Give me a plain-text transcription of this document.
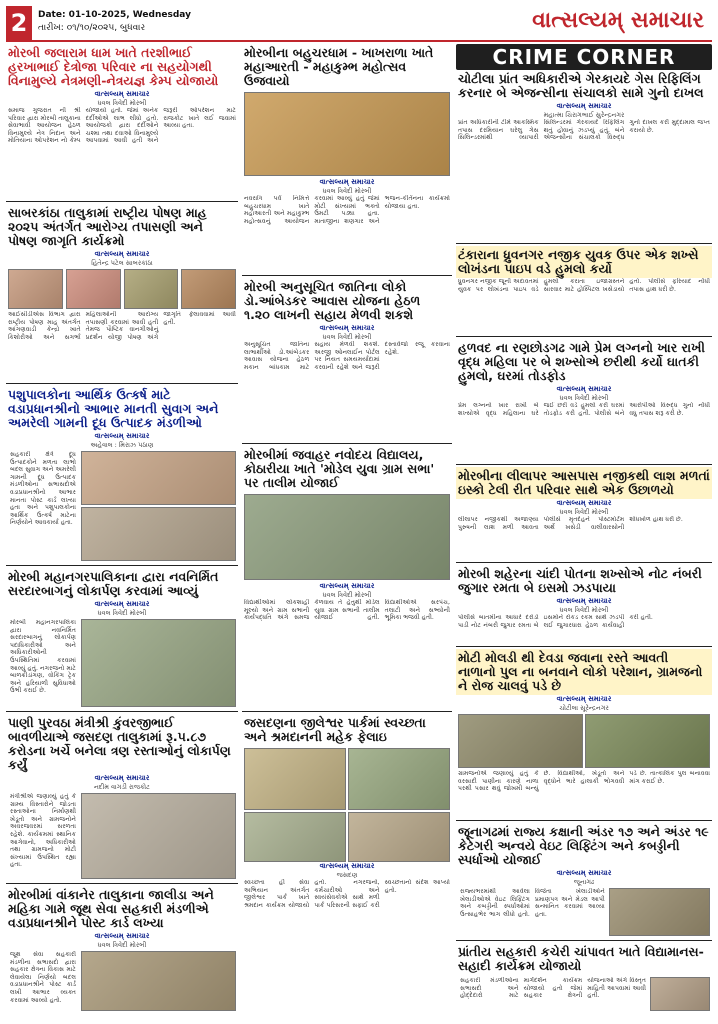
2	Date: 01-10-2025, Wednesday
તારીખ: ૦૧/૧૦/૨૦૨૫, બુધવાર	વાત્સલ્યમ્ સમાચાર
મોરબી જલારામ ધામ ખાતે તરશીભાઈ હરખાભાઈ દેત્રોજા પરિવાર ના સહયોગથી વિનામુલ્યે નેત્રમણી-નેત્રયજ્ઞ કેમ્પ યોજાયો
વાત્સલ્યમ્ સમાચાર
ધવલ ત્રિવેદી મોરબી
સમાજ ગુજરાત ની શ્રી પરિવાર દ્વારા મોરબી તાલુકાના સેવાભાવી આયોજન હેઠળ વિનામુલ્યે નેત્ર નિદાન અને મોતિયાના ઓપરેશન નો કેમ્પ યોજાયો હતો. જેમાં અનેક દર્દીઓએ લાભ લીધો હતો. આયોજકો દ્વારા દર્દીઓને ચશ્મા તથા દવાઓ વિનામુલ્યે આપવામાં આવી હતી અને જરૂરી ઓપરેશન માટે રાજકોટ ખાતે લઈ જવામાં આવ્યા હતા.
સાબરકાંઠા તાલુકામાં રાષ્ટ્રીય પોષણ માહ ૨૦૨૫ અંતર્ગત આરોગ્ય તપાસણી અને પોષણ જાગૃતિ કાર્યક્રમો
વાત્સલ્યમ્ સમાચાર
હિતેન્દ્ર પટેલ સાબરકાંઠા
આઈસીડીએસ વિભાગ દ્વારા રાષ્ટ્રીય પોષણ માહ અંતર્ગત આંગણવાડી કેન્દ્રો ખાતે કિશોરીઓ અને સગર્ભા મહિલાઓની આરોગ્ય તપાસણી કરવામાં આવી હતી તેમજ પૌષ્ટિક વાનગીઓનું પ્રદર્શન યોજી પોષણ અંગે જાગૃતિ ફેલાવવામાં આવી હતી.
પશુપાલકોના આર્થિક ઉત્કર્ષ માટે વડાપ્રધાનશ્રીનો આભાર માનતી સુવાગ અને અમરેલી ગામની દૂધ ઉત્પાદક મંડળીઓ
વાત્સલ્યમ્ સમાચાર
અહેવાલ : મિરાઝ પઠાણ
સહકારી ક્ષેત્રે દૂધ ઉત્પાદકોને મળતા લાભો બદલ સુવાગ અને અમરેલી ગામની દૂધ ઉત્પાદક મંડળીઓના સભાસદોએ વડાપ્રધાનશ્રીનો આભાર માનતા પોસ્ટ કાર્ડ લખ્યા હતા અને પશુપાલકોના આર્થિક ઉત્કર્ષ માટેના નિર્ણયોને આવકાર્યા હતા.
મોરબી મહાનગરપાલિકાના દ્વારા નવનિર્મિત સરદારબાગનું લોકાર્પણ કરવામાં આવ્યું
વાત્સલ્યમ્ સમાચાર
ધવલ ત્રિવેદી મોરબી
મોરબી મહાનગરપાલિકા દ્વારા નવનિર્મિત સરદારબાગનું લોકાર્પણ પદાધિકારીઓ અને અધિકારીઓની ઉપસ્થિતિમાં કરવામાં આવ્યું હતું. નગરજનો માટે બાળક્રીડાંગણ, વોકિંગ ટ્રેક અને હરિયાળી સુવિધાઓ ઉભી કરાઈ છે.
પાણી પુરવઠા મંત્રીશ્રી કુંવરજીભાઈ બાવળીયાએ જસદણ તાલુકામાં રૂ.૫.૮૭ કરોડના ખર્ચે બનેલા ત્રણ રસ્તાઓનું લોકાર્પણ કર્યું
વાત્સલ્યમ્ સમાચાર
નદીમ વાગડી રાજકોટ
મંત્રીશ્રીએ જણાવ્યું હતું કે ગ્રામ્ય વિસ્તારોને જોડતા રસ્તાઓના નિર્માણથી ખેડૂતો અને ગ્રામજનોને અવરજવરમાં સરળતા રહેશે. કાર્યક્રમમાં સ્થાનિક આગેવાનો, અધિકારીઓ તથા ગ્રામજનો મોટી સંખ્યામાં ઉપસ્થિત રહ્યા હતા.
મોરબીમાં વાંકાનેર તાલુકાના જાલીડા અને મહિકા ગામે જૂથ સેવા સહકારી મંડળીએ વડાપ્રધાનશ્રીને પોસ્ટ કાર્ડ લખ્યા
વાત્સલ્યમ્ સમાચાર
ધવલ ત્રિવેદી મોરબી
જૂથ સેવા સહકારી મંડળીના સભાસદો દ્વારા સહકાર ક્ષેત્રના વિકાસ માટે લેવાયેલા નિર્ણયો બદલ વડાપ્રધાનશ્રીને પોસ્ટ કાર્ડ લખી આભાર વ્યક્ત કરવામાં આવ્યો હતો.
મોરબીના બહુચરધામ - ખાખરાળા ખાતે મહાઆરતી - મહાકુમ્ભ મહોત્સવ ઉજવાયો
વાત્સલ્યમ્ સમાચાર
ધવલ ત્રિવેદી મોરબી
નવરાત્રિ પર્વ નિમિત્તે બહુચરધામ ખાતે મહાઆરતી અને મહાકુમ્ભ મહોત્સવનું આયોજન કરવામાં આવ્યું હતું જેમાં મોટી સંખ્યામાં ભક્તો ઉમટી પડ્યા હતા. માતાજીના શણગાર અને ભજન-કીર્તનના કાર્યક્રમો યોજાયા હતા.
મોરબી અનુસૂચિત જાતિના લોકો ડો.આંબેડકર આવાસ યોજના હેઠળ ૧.૨૦ લાખની સહાય મેળવી શકશે
વાત્સલ્યમ્ સમાચાર
ધવલ ત્રિવેદી મોરબી
અનુસૂચિત જાતિના લાભાર્થીઓ ડો.આંબેડકર આવાસ યોજના હેઠળ મકાન બાંધકામ માટે સહાય મેળવી શકશે. અરજી ઓનલાઈન પોર્ટલ પર નિયત સમયમર્યાદામાં કરવાની રહેશે અને જરૂરી દસ્તાવેજો રજૂ કરવાના રહેશે.
મોરબીમાં જવાહર નવોદય વિદ્યાલય, કોઠારીયા ખાતે 'મોડેલ યુવા ગ્રામ સભા' પર તાલીમ યોજાઈ
વાત્સલ્યમ્ સમાચાર
ધવલ ત્રિવેદી મોરબી
વિદ્યાર્થીઓમાં લોકશાહી મૂલ્યો અને ગ્રામ સભાની કાર્યપદ્ધતિ અંગે સમજ કેળવાય તે હેતુથી મોડેલ યુવા ગ્રામ સભાની તાલીમ યોજાઈ હતી. વિદ્યાર્થીઓએ સરપંચ, તલાટી અને સભ્યોની ભૂમિકા ભજવી હતી.
જસદણના જીલેશ્વર પાર્કમાં સ્વચ્છતા અને શ્રમદાનની મહેક ફેલાઇ
વાત્સલ્યમ્ સમાચાર
જસદણ
સ્વચ્છતા હી સેવા અભિયાન અંતર્ગત જીલેશ્વર પાર્ક ખાતે શ્રમદાન કાર્યક્રમ યોજાયો હતો. નગરજનો, કર્મચારીઓ અને સ્વયંસેવકોએ સાથે મળી પાર્ક પરિસરની સફાઈ કરી સ્વચ્છતાનો સંદેશ આપ્યો હતો.
CRIME CORNER
ચોટીલા પ્રાંત અધિકારીએ ગેરકાયદે ગેસ રિફિલિંગ કરનાર બે એજન્સીના સંચાલકો સામે ગુનો દાખલ
વાત્સલ્યમ્ સમાચાર
મહાત્મા ચિરાગભાઈ સુરેન્દ્રનગર
પ્રાંત અધિકારીની ટીમે આકસ્મિક તપાસ દરમિયાન ઘરેલુ ગેસ સિલિન્ડરમાંથી વ્યાપારી સિલિન્ડરમાં ગેરકાયદે રિફિલિંગ થતું હોવાનું ઝડપ્યું હતું. બંને એજન્સીના સંચાલકો વિરુદ્ધ ગુનો દાખલ કરી મુદ્દામાલ જપ્ત કરાયો છે.
ટંકારાના ધ્રુવનગર નજીક યુવક ઉપર એક શખ્સે લોખંડના પાઇપ વડે હુમલો કર્યો
ધ્રુવનગર નજીક જૂની અદાવતમાં યુવક પર લોખંડના પાઇપ વડે હુમલો કરાતા ઇજાગ્રસ્તને સારવાર માટે હોસ્પિટલ ખસેડાયો હતો. પોલીસે ફરિયાદ નોંધી તપાસ હાથ ધરી છે.
હળવદ ના રણછોડગઢ ગામે પ્રેમ લગ્નનો ખાર રાખી વૃદ્ધ મહિલા પર બે શખ્સોએ છરીથી કર્યો ઘાતકી હુમલો, ઘરમાં તોડફોડ
વાત્સલ્યમ્ સમાચાર
ધવલ ત્રિવેદી મોરબી
પ્રેમ લગ્નનો ખાર રાખી બે શખ્સોએ વૃદ્ધ મહિલાના ઘરે જઈ છરી વડે હુમલો કરી ઘરમાં તોડફોડ કરી હતી. પોલીસે બંને આરોપીઓ વિરુદ્ધ ગુનો નોંધી વધુ તપાસ શરૂ કરી છે.
મોરબીના લીલાપર આસપાસ નજીકથી લાશ મળતાં ઇસ્કો ટેલી રીત પરિવાર સાથે એક ઉછાળયો
વાત્સલ્યમ્ સમાચાર
ધવલ ત્રિવેદી મોરબી
લીલાપર નજીકથી અજાણ્યા પુરુષની લાશ મળી આવતા પોલીસે મૃતદેહને પોસ્ટમોર્ટમ અર્થે ખસેડી વાલીવારસોની શોધખોળ હાથ ધરી છે.
મોરબી શહેરના ચાંદી પોતના શખ્સોએ નોટ નંબરી જુગાર રમતા બે ઇસમો ઝડપાયા
વાત્સલ્યમ્ સમાચાર
ધવલ ત્રિવેદી મોરબી
પોલીસે બાતમીના આધારે દરોડો પાડી નોટ નંબરી જુગાર રમતા બે ઇસમોને રોકડ રકમ સાથે ઝડપી લઈ જુગારધારા હેઠળ કાર્યવાહી કરી હતી.
મોટી મોલડી થી દેવડા જવાના રસ્તે આવતી નાળાનો પુલ ના બનવાને લોકો પરેશાન, ગ્રામજનો ને રોજ ચાલવું પડે છે
વાત્સલ્યમ્ સમાચાર
ચોટીલા સૂરેન્દ્રનગર
ગ્રામજનોએ જણાવ્યું હતું કે વરસાદી પાણીના કારણે નાળા પરથી પસાર થવું જોખમી બન્યું છે. વિદ્યાર્થીઓ, ખેડૂતો અને વૃદ્ધોને ભારે હાલાકી ભોગવવી પડે છે. તાત્કાલિક પુલ બનાવવા માંગ કરાઈ છે.
જૂનાગઢમાં રાજ્ય કક્ષાની અંડર ૧૭ અને અંડર ૧૯ કેટેગરી અન્વયે વેઇટ લિફ્ટિંગ અને કબડ્ડીની સ્પર્ધાઓ યોજાઈ
વાત્સલ્યમ્ સમાચાર
જૂનાગઢ
રાજ્યભરમાંથી આવેલા ખેલાડીઓએ વેઇટ લિફ્ટિંગ અને કબડ્ડીની સ્પર્ધાઓમાં ઉત્સાહભેર ભાગ લીધો હતો. વિજેતા ખેલાડીઓને પ્રમાણપત્ર અને મેડલ આપી સન્માનિત કરવામાં આવ્યા હતા.
પ્રાંતીય સહકારી કચેરી ચાંપાવત ખાતે વિદ્યામાનસ-સહાદી કાર્યક્રમ યોજાયો
સહકારી મંડળીઓના સભાસદો અને હોદ્દેદારો માટે માર્ગદર્શન કાર્યક્રમ યોજાયો હતો જેમાં સહકાર ક્ષેત્રની યોજનાઓ અંગે વિસ્તૃત માહિતી આપવામાં આવી હતી.
